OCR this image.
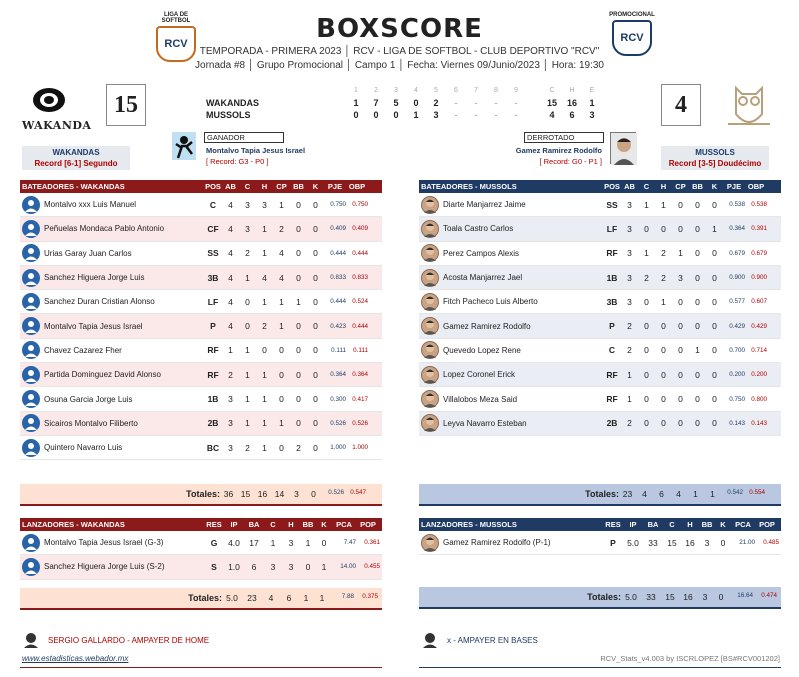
LIGA DE SOFTBOL
RCV
PROMOCIONAL
RCV
BOXSCORE
TEMPORADA - PRIMERA 2023 │ RCV - LIGA DE SOFTBOL - CLUB DEPORTIVO "RCV"
Jornada #8 │ Grupo Promocional │ Campo 1 │ Fecha: Viernes 09/Junio/2023 │ Hora: 19:30
WAKANDA
15	4
1	2	3	4	5	6	7	8	9	C	H	E
WAKANDAS	1	7	5	0	2	-	-	-	-	15	16	1
MUSSOLS	0	0	0	1	3	-	-	-	-	4	6	3
WAKANDAS
Record [6-1] Segundo
MUSSOLS
Record [3-5] Doudécimo
GANADOR
Montalvo Tapia Jesus Israel
[ Record: G3 - P0 ]
DERROTADO
Gamez Ramirez Rodolfo
[ Record: G0 - P1 ]
BATEADORES - WAKANDAS	POS AB	C	H	CP BB	K	PJE OBP
Montalvo xxx Luis Manuel	C	4	3	3	1	0	0	0.750 0.750
Peñuelas Mondaca Pablo Antonio	CF	4	3	1	2	0	0	0.409 0.409
Urias Garay Juan Carlos	SS	4	2	1	4	0	0	0.444 0.444
Sanchez Higuera Jorge Luis	3B	4	1	4	4	0	0	0.833 0.833
Sanchez Duran Cristian Alonso	LF	4	0	1	1	1	0	0.444 0.524
Montalvo Tapia Jesus Israel	P	4	0	2	1	0	0	0.423 0.444
Chavez Cazarez Fher	RF	1	1	0	0	0	0	0.111	0.111
Partida Dominguez David Alonso	RF	2	1	1	0	0	0	0.364 0.364
Osuna Garcia Jorge Luis	1B	3	1	1	0	0	0	0.300 0.417
Sicairos Montalvo Filiberto	2B	3	1	1	1	0	0	0.526 0.526
Quintero Navarro Luis	BC	3	2	1	0	2	0	1.000 1.000
Totales: 36 15 16 14	3	0	0.526 0.547
BATEADORES - MUSSOLS	POS AB	C	H	CP BB	K	PJE OBP
Diarte Manjarrez Jaime	SS	3	1	1	0	0	0	0.538 0.538
Toala Castro Carlos	LF	3	0	0	0	0	1	0.364 0.391
Perez Campos Alexis	RF	3	1	2	1	0	0	0.679 0.679
Acosta Manjarrez Jael	1B	3	2	2	3	0	0	0.900 0.900
Fitch Pacheco Luis Alberto	3B	3	0	1	0	0	0	0.577 0.607
Gamez Ramirez Rodolfo	P	2	0	0	0	0	0	0.429 0.429
Quevedo Lopez Rene	C	2	0	0	0	1	0	0.700 0.714
Lopez Coronel Erick	RF	1	0	0	0	0	0	0.200 0.200
Villalobos Meza Said	RF	1	0	0	0	0	0	0.750 0.800
Leyva Navarro Esteban	2B	2	0	0	0	0	0	0.143 0.143
Totales: 23	4	6	4	1	1	0.542 0.554
LANZADORES - WAKANDAS	RES	IP	BA	C	H	BB	K	PCA	POP
Montalvo Tapia Jesus Israel (G-3)	G	4.0	17	1	3	1	0	7.47	0.361
Sanchez Higuera Jorge Luis (S-2)	S	1.0	6	3	3	0	1	14.00	0.455
Totales: 5.0	23	4	6	1	1	7.88	0.375
LANZADORES - MUSSOLS	RES	IP	BA	C	H	BB	K	PCA	POP
Gamez Ramirez Rodolfo (P-1)	P	5.0	33	15	16	3	0	21.00	0.485
Totales: 5.0	33	15	16	3	0	16.64	0.474
SERGIO GALLARDO - AMPAYER DE HOME	x - AMPAYER EN BASES
www.estadisticas.webador.mx	RCV_Stats_v4.003 by ISCRLOPEZ [BS#RCV001202]
